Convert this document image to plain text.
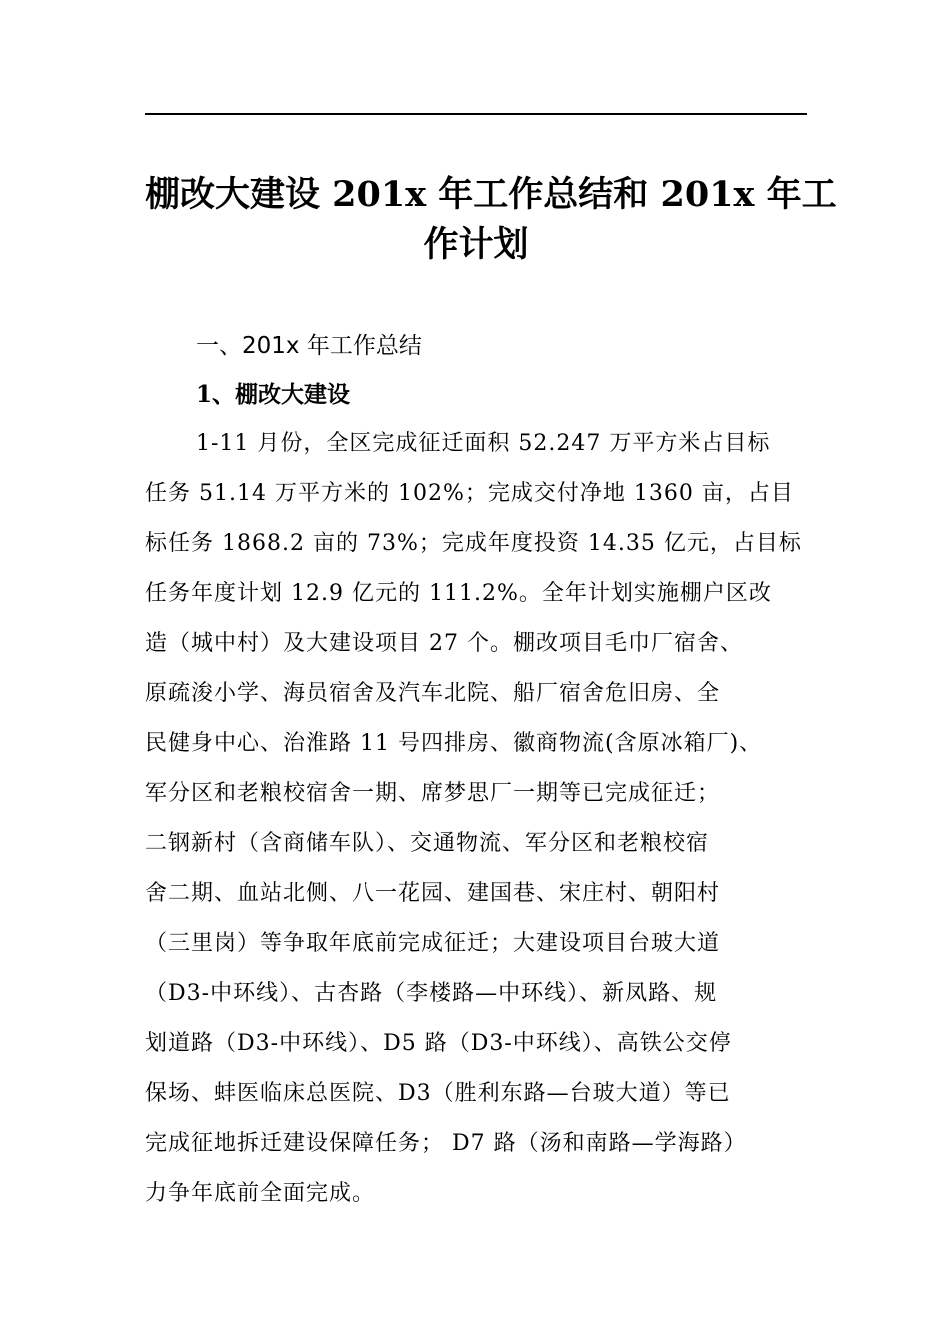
棚改大建设 201x 年工作总结和 201x 年工
作计划
一、201x 年工作总结
1、棚改大建设
1-11 月份，全区完成征迁面积 52.247 万平方米占目标
任务 51.14 万平方米的 102%；完成交付净地 1360 亩，占目
标任务 1868.2 亩的 73%；完成年度投资 14.35 亿元，占目标
任务年度计划 12.9 亿元的 111.2%。全年计划实施棚户区改
造（城中村）及大建设项目 27 个。棚改项目毛巾厂宿舍、
原疏浚小学、海员宿舍及汽车北院、船厂宿舍危旧房、全
民健身中心、治淮路 11 号四排房、徽商物流(含原冰箱厂)、
军分区和老粮校宿舍一期、席梦思厂一期等已完成征迁；
二钢新村（含商储车队）、交通物流、军分区和老粮校宿
舍二期、血站北侧、八一花园、建国巷、宋庄村、朝阳村
（三里岗）等争取年底前完成征迁；大建设项目台玻大道
（D3-中环线）、古杏路（李楼路—中环线）、新凤路、规
划道路（D3-中环线）、D5 路（D3-中环线）、高铁公交停
保场、蚌医临床总医院、D3（胜利东路—台玻大道）等已
完成征地拆迁建设保障任务； D7 路（汤和南路—学海路）
力争年底前全面完成。
